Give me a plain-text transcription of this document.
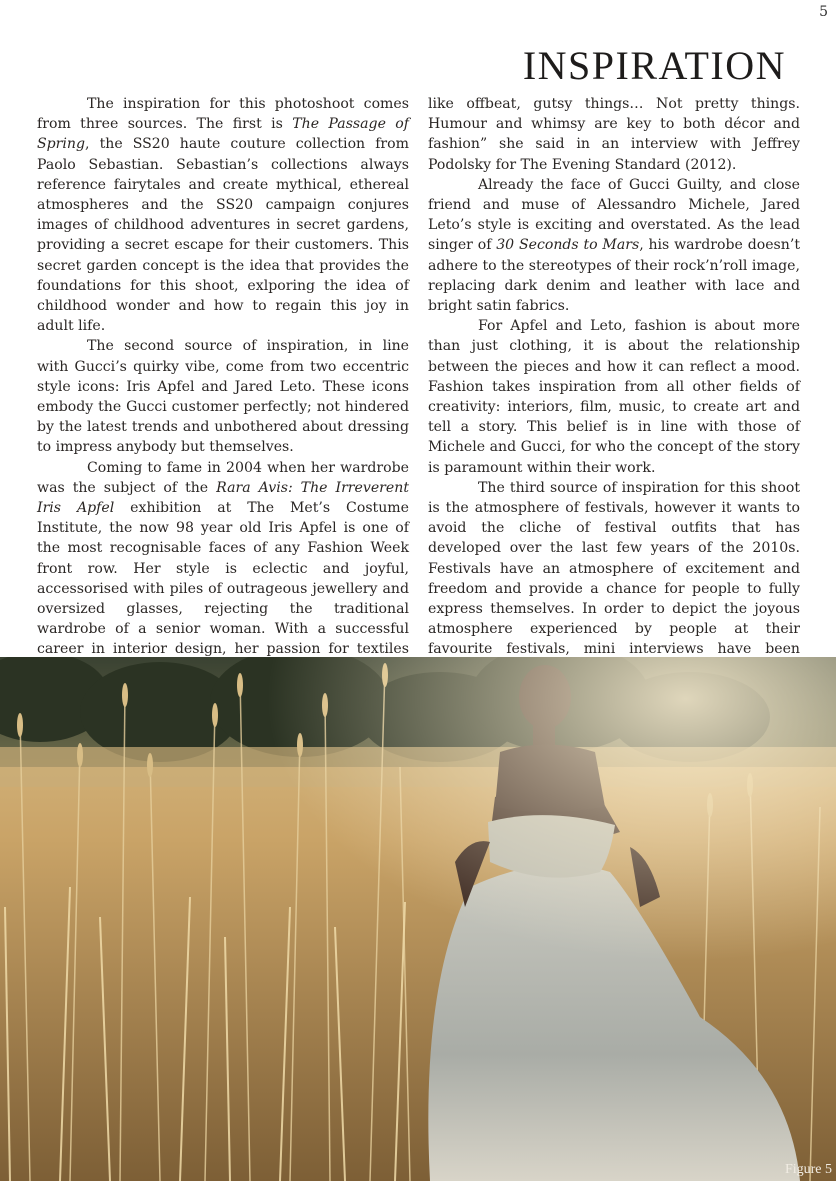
5
INSPIRATION

The inspiration for this photoshoot comes from three sources. The first is The Passage of Spring, the SS20 haute couture collection from Paolo Sebastian. Sebastian’s collections always reference fairytales and create mythical, ethereal atmospheres and the SS20 campaign conjures images of childhood adventures in secret gardens, providing a secret escape for their customers. This secret garden concept is the idea that provides the foundations for this shoot, exlporing the idea of childhood wonder and how to regain this joy in adult life.

The second source of inspiration, in line with Gucci’s quirky vibe, come from two eccentric style icons: Iris Apfel and Jared Leto. These icons embody the Gucci customer perfectly; not hindered by the latest trends and unbothered about dressing to impress anybody but themselves.

Coming to fame in 2004 when her wardrobe was the subject of the Rara Avis: The Irreverent Iris Apfel exhibition at The Met’s Costume Institute, the now 98 year old Iris Apfel is one of the most recognisable faces of any Fashion Week front row. Her style is eclectic and joyful, accessorised with piles of outrageous jewellery and oversized glasses, rejecting the traditional wardrobe of a senior woman. With a successful career in interior design, her passion for textiles

like offbeat, gutsy things… Not pretty things. Humour and whimsy are key to both décor and fashion” she said in an interview with Jeffrey Podolsky for The Evening Standard (2012).

Already the face of Gucci Guilty, and close friend and muse of Alessandro Michele, Jared Leto’s style is exciting and overstated. As the lead singer of 30 Seconds to Mars, his wardrobe doesn’t adhere to the stereotypes of their rock’n’roll image, replacing dark denim and leather with lace and bright satin fabrics.

For Apfel and Leto, fashion is about more than just clothing, it is about the relationship between the pieces and how it can reflect a mood. Fashion takes inspiration from all other fields of creativity: interiors, film, music, to create art and tell a story. This belief is in line with those of Michele and Gucci, for who the concept of the story is paramount within their work.

The third source of inspiration for this shoot is the atmosphere of festivals, however it wants to avoid the cliche of festival outfits that has developed over the last few years of the 2010s. Festivals have an atmosphere of excitement and freedom and provide a chance for people to fully express themselves. In order to depict the joyous atmosphere experienced by people at their favourite festivals, mini interviews have been

Figure 5
